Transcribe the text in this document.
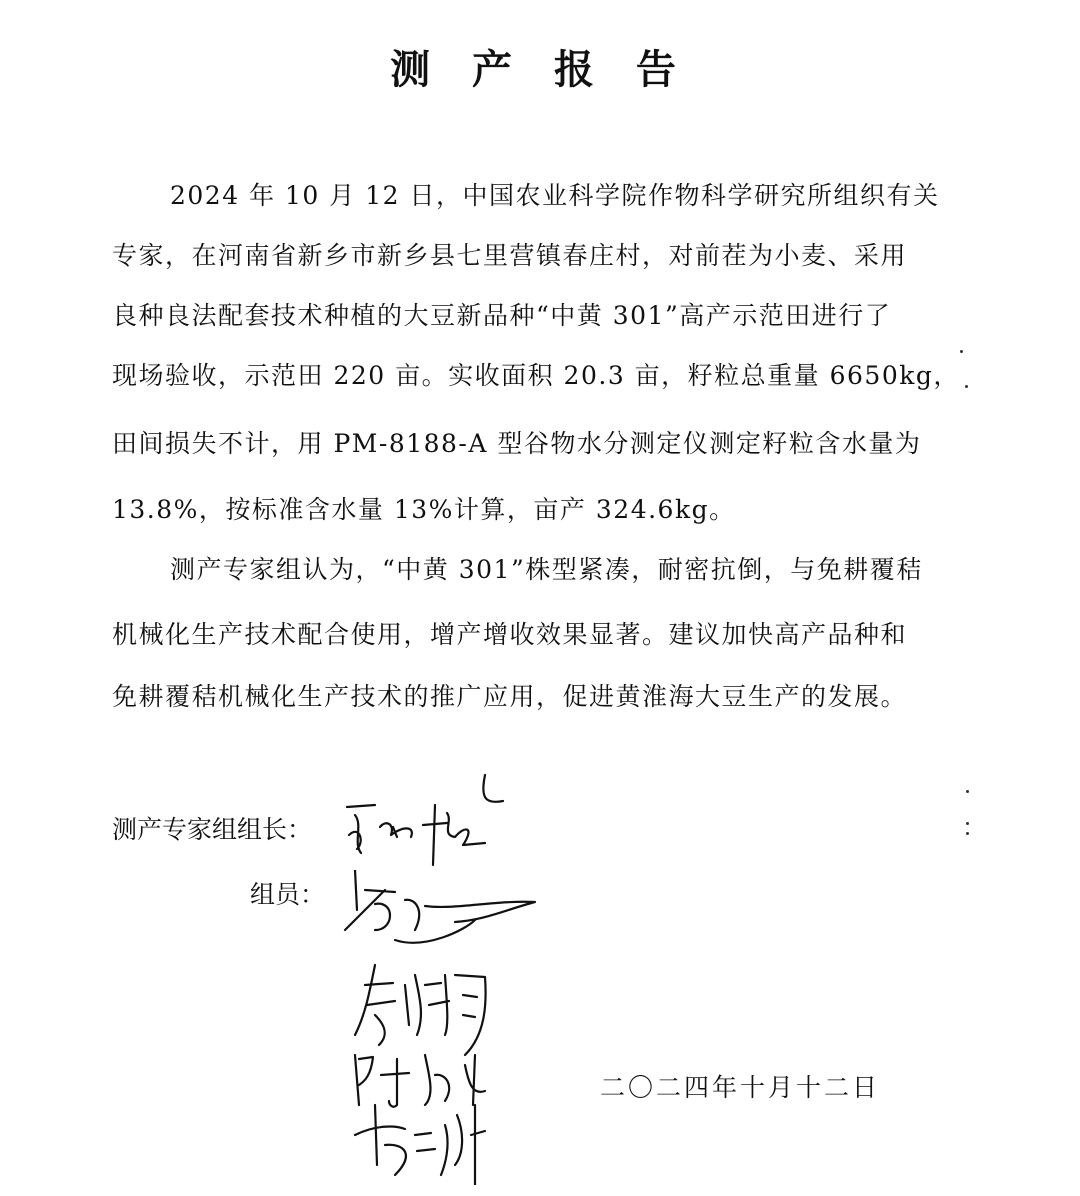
测 产 报 告
2024 年 10 月 12 日，中国农业科学院作物科学研究所组织有关
专家，在河南省新乡市新乡县七里营镇春庄村，对前茬为小麦、采用
良种良法配套技术种植的大豆新品种“中黄 301”高产示范田进行了
现场验收，示范田 220 亩。实收面积 20.3 亩，籽粒总重量 6650kg，
田间损失不计，用 PM-8188-A 型谷物水分测定仪测定籽粒含水量为
13.8%，按标准含水量 13%计算，亩产 324.6kg。
测产专家组认为，“中黄 301”株型紧凑，耐密抗倒，与免耕覆秸
机械化生产技术配合使用，增产增收效果显著。建议加快高产品种和
免耕覆秸机械化生产技术的推广应用，促进黄淮海大豆生产的发展。
测产专家组组长：
组员：
二〇二四年十月十二日
